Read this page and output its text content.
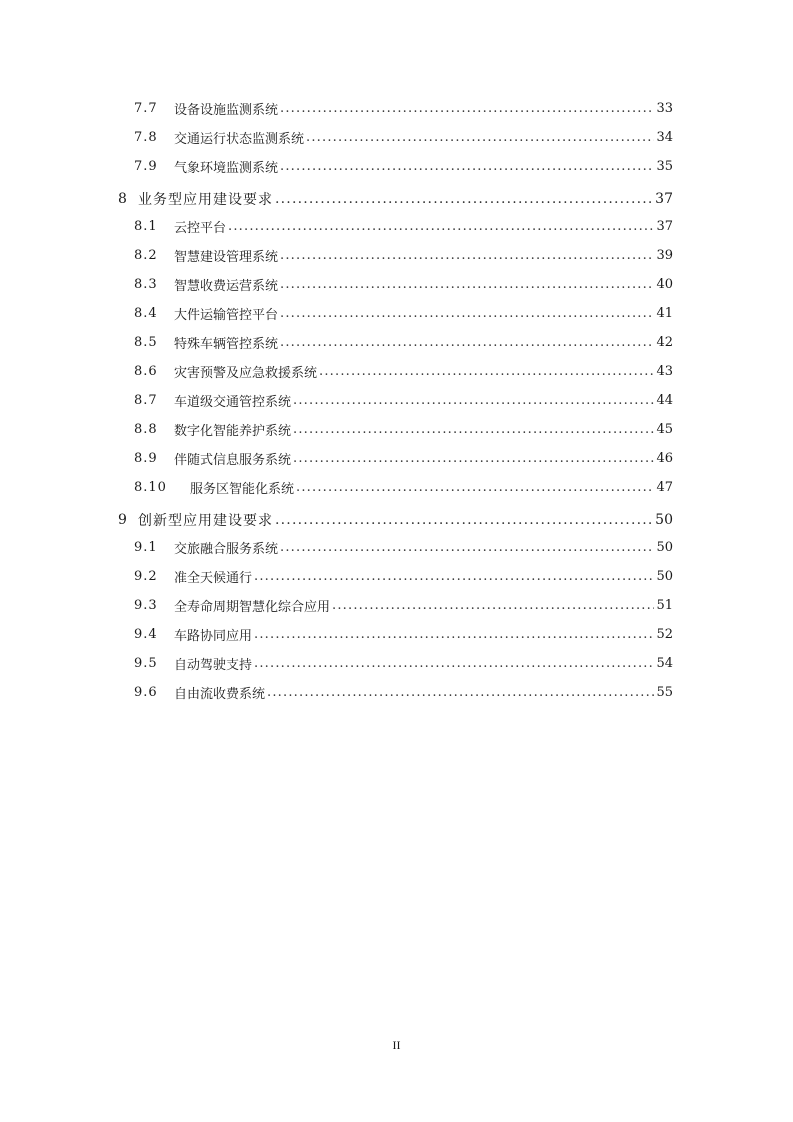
7.7	设备设施监测系统 .....	33
7.8	交通运行状态监测系统 .....	34
7.9	气象环境监测系统 .....	35
8 业务型应用建设要求 .....	37
8.1	云控平台 .....	37
8.2	智慧建设管理系统 .....	39
8.3	智慧收费运营系统 .....	40
8.4	大件运输管控平台 .....	41
8.5	特殊车辆管控系统 .....	42
8.6	灾害预警及应急救援系统 .....	43
8.7	车道级交通管控系统 .....	44
8.8	数字化智能养护系统 .....	45
8.9	伴随式信息服务系统 .....	46
8.10	服务区智能化系统 .....	47
9 创新型应用建设要求 .....	50
9.1	交旅融合服务系统 .....	50
9.2	准全天候通行 .....	50
9.3	全寿命周期智慧化综合应用 .....	51
9.4	车路协同应用 .....	52
9.5	自动驾驶支持 .....	54
9.6	自由流收费系统 .....	55
II
